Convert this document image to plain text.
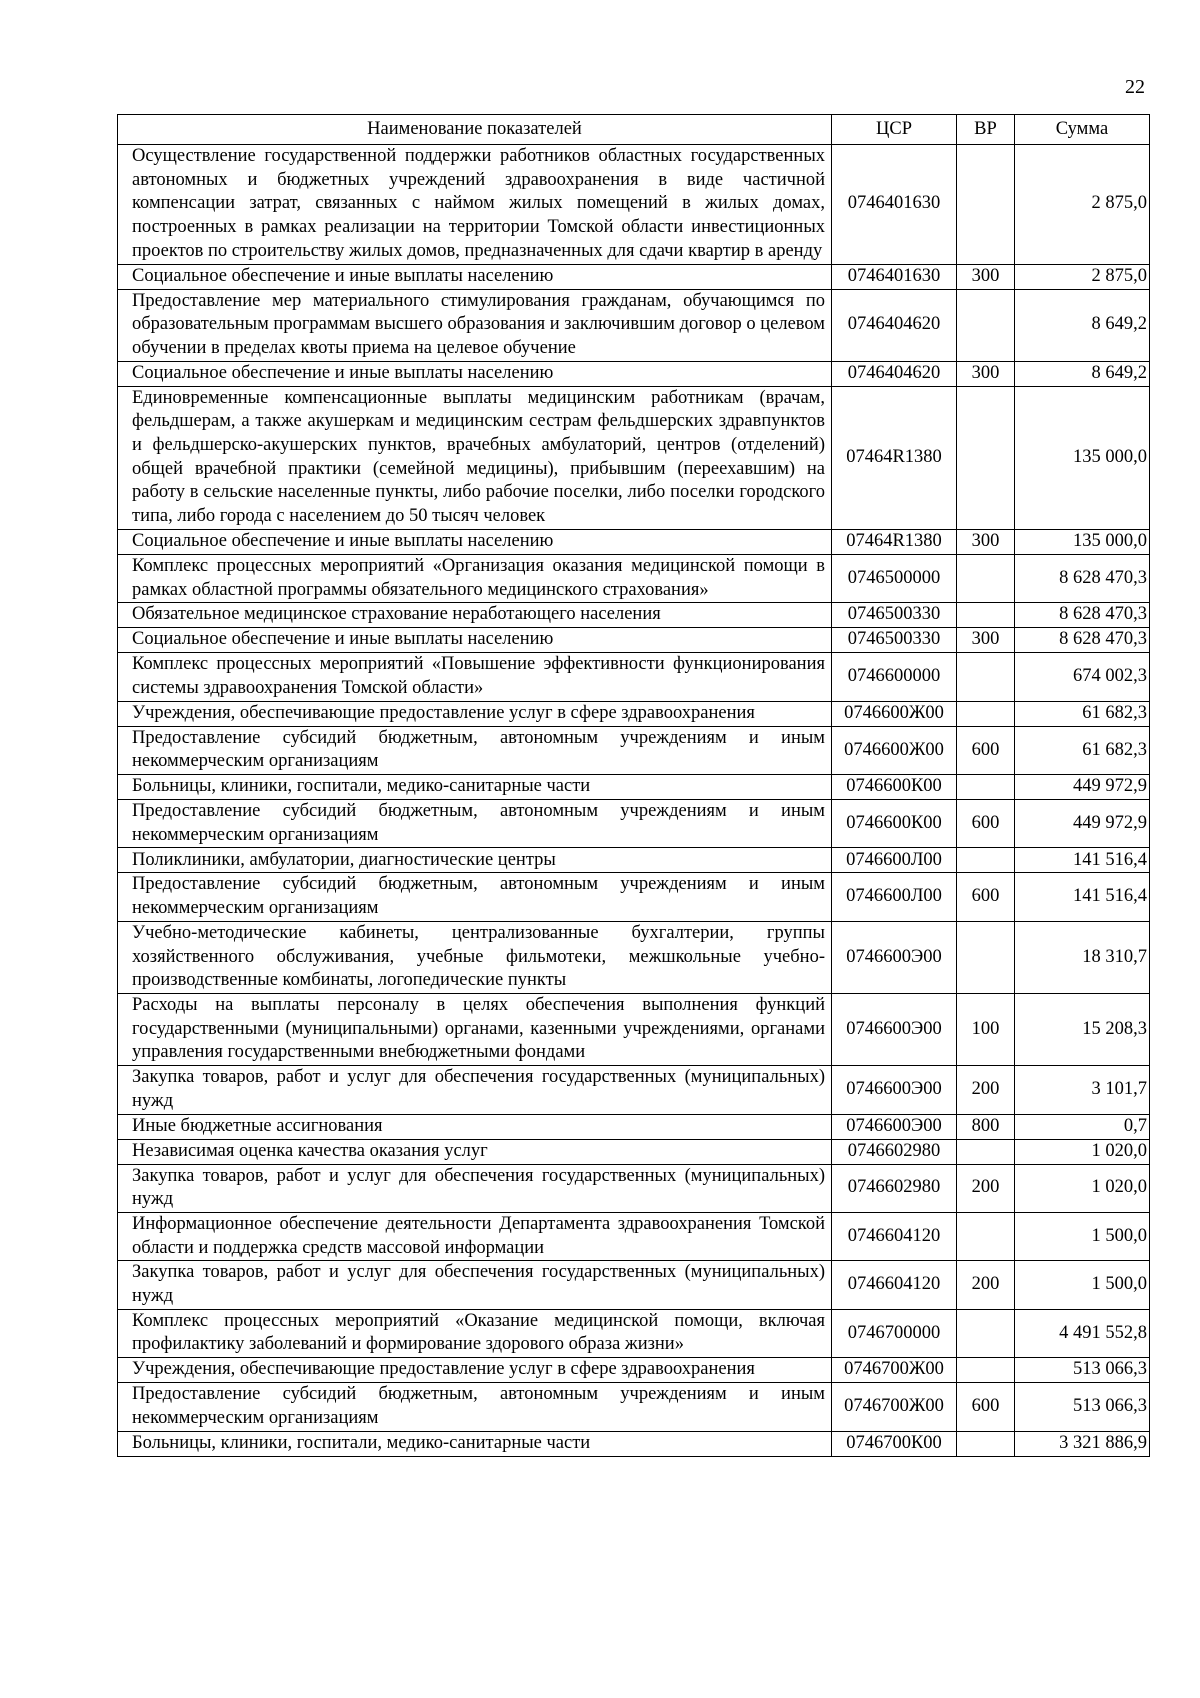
22
Наименование показателей	ЦСР	ВР	Сумма
Осуществление государственной поддержки работников областных государственных автономных и бюджетных учреждений здравоохранения в виде частичной компенсации затрат, связанных с наймом жилых помещений в жилых домах, построенных в рамках реализации на территории Томской области инвестиционных проектов по строительству жилых домов, предназначенных для сдачи квартир в аренду	0746401630		2 875,0
Социальное обеспечение и иные выплаты населению	0746401630	300	2 875,0
Предоставление мер материального стимулирования гражданам, обучающимся по образовательным программам высшего образования и заключившим договор о целевом обучении в пределах квоты приема на целевое обучение	0746404620		8 649,2
Социальное обеспечение и иные выплаты населению	0746404620	300	8 649,2
Единовременные компенсационные выплаты медицинским работникам (врачам, фельдшерам, а также акушеркам и медицинским сестрам фельдшерских здравпунктов и фельдшерско-акушерских пунктов, врачебных амбулаторий, центров (отделений) общей врачебной практики (семейной медицины), прибывшим (переехавшим) на работу в сельские населенные пункты, либо рабочие поселки, либо поселки городского типа, либо города с населением до 50 тысяч человек	07464R1380		135 000,0
Социальное обеспечение и иные выплаты населению	07464R1380	300	135 000,0
Комплекс процессных мероприятий «Организация оказания медицинской помощи в рамках областной программы обязательного медицинского страхования»	0746500000		8 628 470,3
Обязательное медицинское страхование неработающего населения	0746500330		8 628 470,3
Социальное обеспечение и иные выплаты населению	0746500330	300	8 628 470,3
Комплекс процессных мероприятий «Повышение эффективности функционирования системы здравоохранения Томской области»	0746600000		674 002,3
Учреждения, обеспечивающие предоставление услуг в сфере здравоохранения	0746600Ж00		61 682,3
Предоставление субсидий бюджетным, автономным учреждениям и иным некоммерческим организациям	0746600Ж00	600	61 682,3
Больницы, клиники, госпитали, медико-санитарные части	0746600К00		449 972,9
Предоставление субсидий бюджетным, автономным учреждениям и иным некоммерческим организациям	0746600К00	600	449 972,9
Поликлиники, амбулатории, диагностические центры	0746600Л00		141 516,4
Предоставление субсидий бюджетным, автономным учреждениям и иным некоммерческим организациям	0746600Л00	600	141 516,4
Учебно-методические кабинеты, централизованные бухгалтерии, группы хозяйственного обслуживания, учебные фильмотеки, межшкольные учебно-производственные комбинаты, логопедические пункты	0746600Э00		18 310,7
Расходы на выплаты персоналу в целях обеспечения выполнения функций государственными (муниципальными) органами, казенными учреждениями, органами управления государственными внебюджетными фондами	0746600Э00	100	15 208,3
Закупка товаров, работ и услуг для обеспечения государственных (муниципальных) нужд	0746600Э00	200	3 101,7
Иные бюджетные ассигнования	0746600Э00	800	0,7
Независимая оценка качества оказания услуг	0746602980		1 020,0
Закупка товаров, работ и услуг для обеспечения государственных (муниципальных) нужд	0746602980	200	1 020,0
Информационное обеспечение деятельности Департамента здравоохранения Томской области и поддержка средств массовой информации	0746604120		1 500,0
Закупка товаров, работ и услуг для обеспечения государственных (муниципальных) нужд	0746604120	200	1 500,0
Комплекс процессных мероприятий «Оказание медицинской помощи, включая профилактику заболеваний и формирование здорового образа жизни»	0746700000		4 491 552,8
Учреждения, обеспечивающие предоставление услуг в сфере здравоохранения	0746700Ж00		513 066,3
Предоставление субсидий бюджетным, автономным учреждениям и иным некоммерческим организациям	0746700Ж00	600	513 066,3
Больницы, клиники, госпитали, медико-санитарные части	0746700К00		3 321 886,9
